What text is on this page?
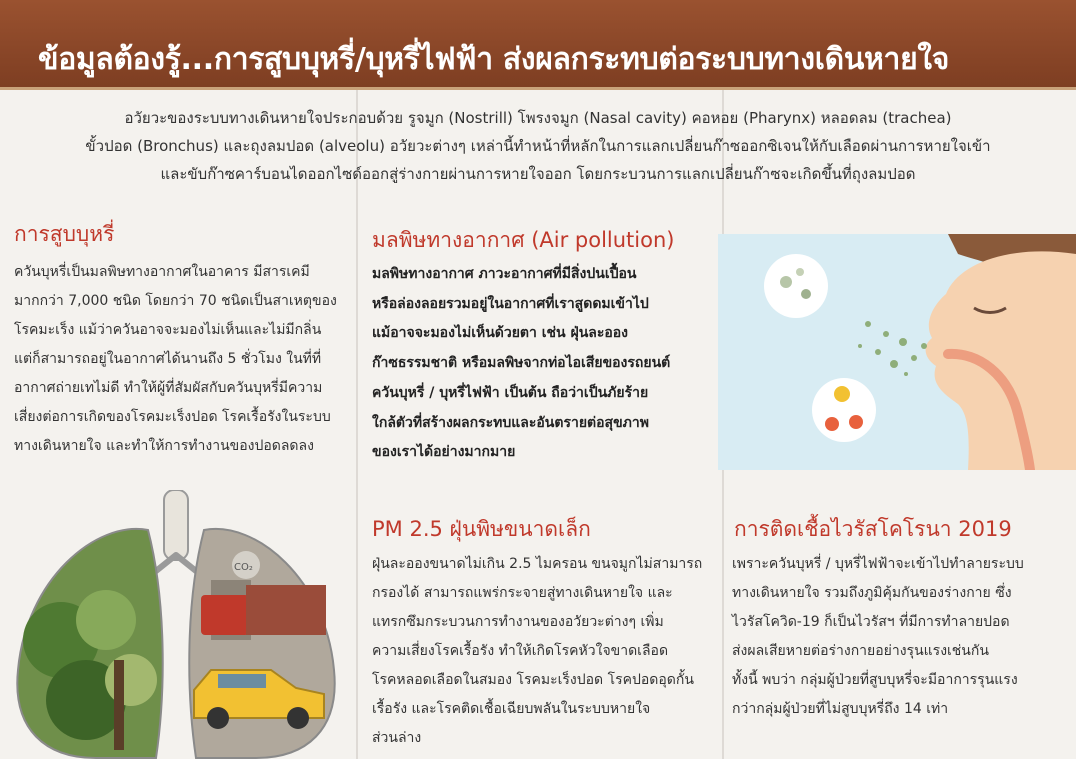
ข้อมูลต้องรู้...การสูบบุหรี่/บุหรี่ไฟฟ้า ส่งผลกระทบต่อระบบทางเดินหายใจ

อวัยวะของระบบทางเดินหายใจประกอบด้วย รูจมูก (Nostrill) โพรงจมูก (Nasal cavity) คอหอย (Pharynx) หลอดลม (trachea)

ขั้วปอด (Bronchus) และถุงลมปอด (alveolu) อวัยวะต่างๆ เหล่านี้ทำหน้าที่หลักในการแลกเปลี่ยนก๊าซออกซิเจนให้กับเลือดผ่านการหายใจเข้า

และขับก๊าซคาร์บอนไดออกไซด์ออกสู่ร่างกายผ่านการหายใจออก โดยกระบวนการแลกเปลี่ยนก๊าซจะเกิดขึ้นที่ถุงลมปอด

การสูบบุหรี่

ควันบุหรี่เป็นมลพิษทางอากาศในอาคาร มีสารเคมี

มากกว่า 7,000 ชนิด โดยกว่า 70 ชนิดเป็นสาเหตุของ

โรคมะเร็ง แม้ว่าควันอาจจะมองไม่เห็นและไม่มีกลิ่น

แต่ก็สามารถอยู่ในอากาศได้นานถึง 5 ชั่วโมง ในที่ที่

อากาศถ่ายเทไม่ดี ทำให้ผู้ที่สัมผัสกับควันบุหรี่มีความ

เสี่ยงต่อการเกิดของโรคมะเร็งปอด โรคเรื้อรังในระบบ

ทางเดินหายใจ และทำให้การทำงานของปอดลดลง

CO₂
มลพิษทางอากาศ (Air pollution)

มลพิษทางอากาศ ภาวะอากาศที่มีสิ่งปนเปื้อน

หรือล่องลอยรวมอยู่ในอากาศที่เราสูดดมเข้าไป

แม้อาจจะมองไม่เห็นด้วยตา เช่น ฝุ่นละออง

ก๊าซธรรมชาติ หรือมลพิษจากท่อไอเสียของรถยนต์

ควันบุหรี่ / บุหรี่ไฟฟ้า เป็นต้น ถือว่าเป็นภัยร้าย

ใกล้ตัวที่สร้างผลกระทบและอันตรายต่อสุขภาพ

ของเราได้อย่างมากมาย

PM 2.5 ฝุ่นพิษขนาดเล็ก

ฝุ่นละอองขนาดไม่เกิน 2.5 ไมครอน ขนจมูกไม่สามารถ

กรองได้ สามารถแพร่กระจายสู่ทางเดินหายใจ และ

แทรกซึมกระบวนการทำงานของอวัยวะต่างๆ เพิ่ม

ความเสี่ยงโรคเรื้อรัง ทำให้เกิดโรคหัวใจขาดเลือด

โรคหลอดเลือดในสมอง โรคมะเร็งปอด โรคปอดอุดกั้น

เรื้อรัง และโรคติดเชื้อเฉียบพลันในระบบหายใจ

ส่วนล่าง

การติดเชื้อไวรัสโคโรนา 2019

เพราะควันบุหรี่ / บุหรี่ไฟฟ้าจะเข้าไปทำลายระบบ

ทางเดินหายใจ รวมถึงภูมิคุ้มกันของร่างกาย ซึ่ง

ไวรัสโควิด-19 ก็เป็นไวรัสฯ ที่มีการทำลายปอด

ส่งผลเสียหายต่อร่างกายอย่างรุนแรงเช่นกัน

ทั้งนี้ พบว่า กลุ่มผู้ป่วยที่สูบบุหรี่จะมีอาการรุนแรง

กว่ากลุ่มผู้ป่วยที่ไม่สูบบุหรี่ถึง 14 เท่า
